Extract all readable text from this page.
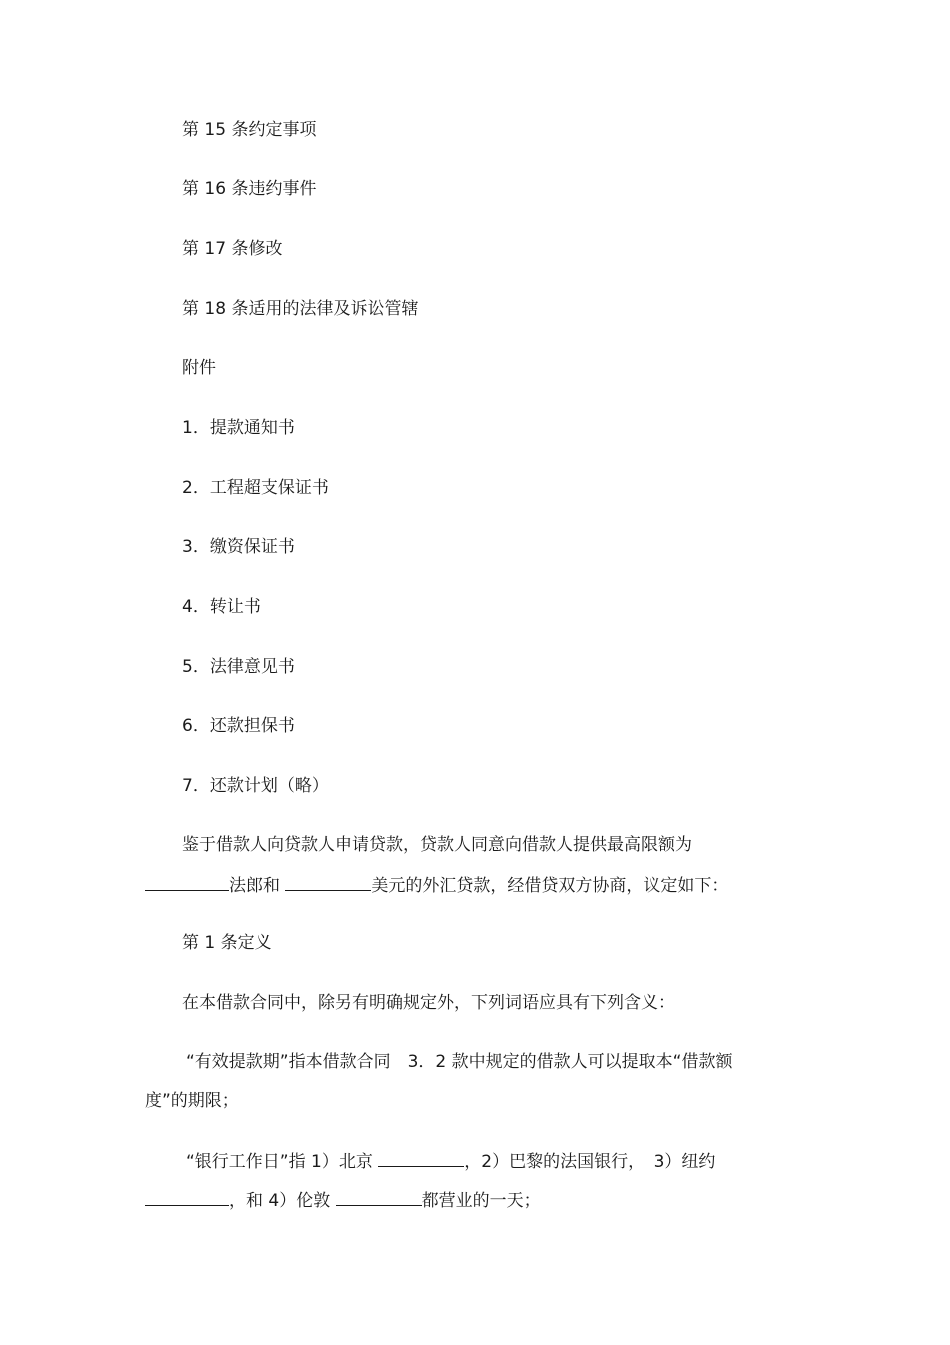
第 15 条约定事项
第 16 条违约事件
第 17 条修改
第 18 条适用的法律及诉讼管辖
附件
1．提款通知书
2．工程超支保证书
3．缴资保证书
4．转让书
5．法律意见书
6．还款担保书
7．还款计划（略）
鉴于借款人向贷款人申请贷款，贷款人同意向借款人提供最高限额为
法郎和	美元的外汇贷款，经借贷双方协商，议定如下：
第 1 条定义
在本借款合同中，除另有明确规定外，下列词语应具有下列含义：
“有效提款期”指本借款合同　3．2 款中规定的借款人可以提取本“借款额
度”的期限；
“银行工作日”指 1）北京	，2）巴黎的法国银行，　3）纽约
，和 4）伦敦	都营业的一天；
